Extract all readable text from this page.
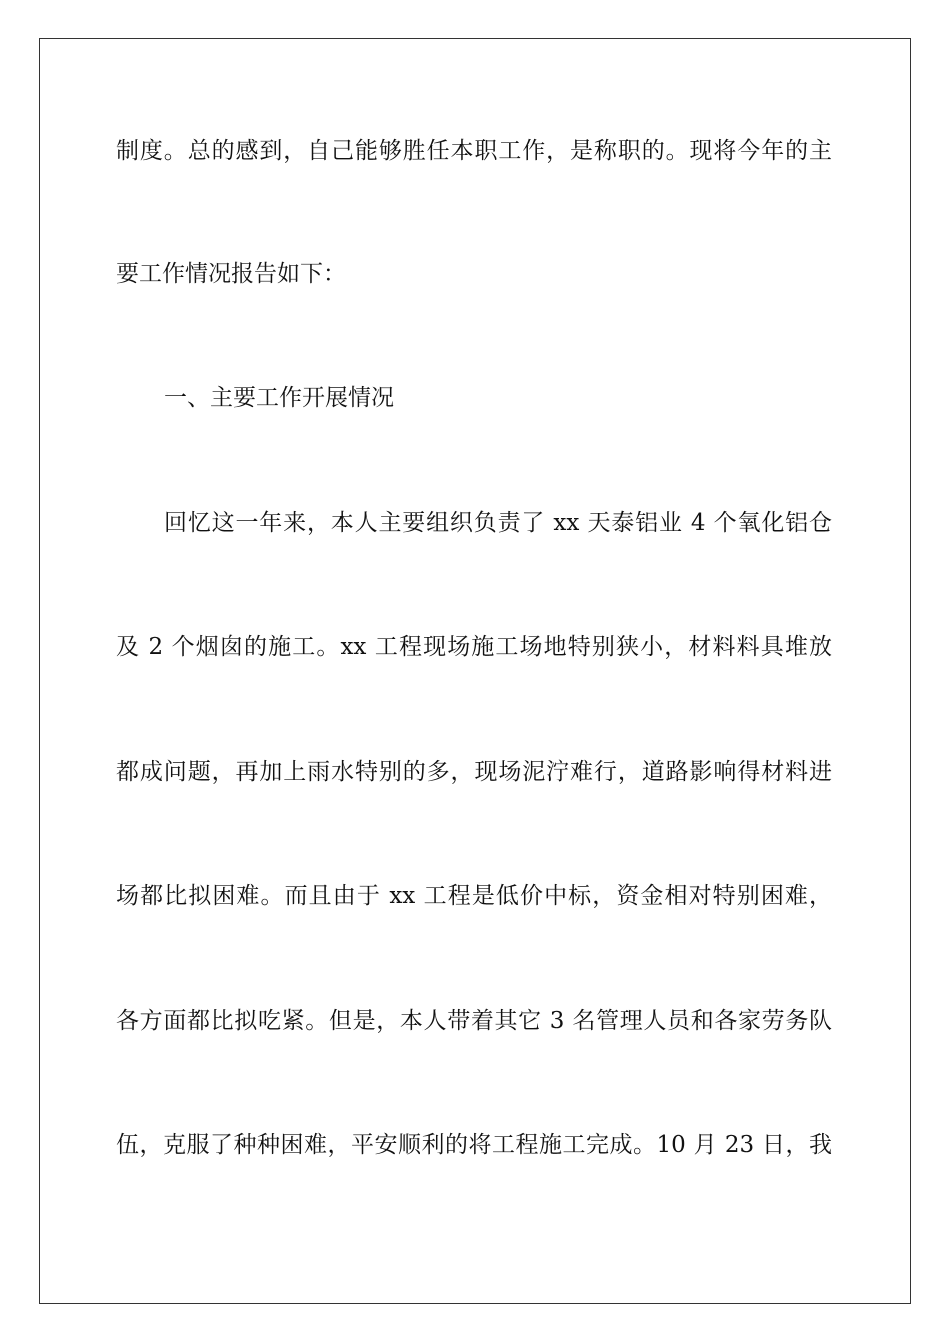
制度。总的感到，自己能够胜任本职工作，是称职的。现将今年的主
要工作情况报告如下：
一、主要工作开展情况
回忆这一年来，本人主要组织负责了 xx 天泰铝业 4 个氧化铝仓
及 2 个烟囱的施工。xx 工程现场施工场地特别狭小，材料料具堆放
都成问题，再加上雨水特别的多，现场泥泞难行，道路影响得材料进
场都比拟困难。而且由于 xx 工程是低价中标，资金相对特别困难，
各方面都比拟吃紧。但是，本人带着其它 3 名管理人员和各家劳务队
伍，克服了种种困难，平安顺利的将工程施工完成。10 月 23 日，我
